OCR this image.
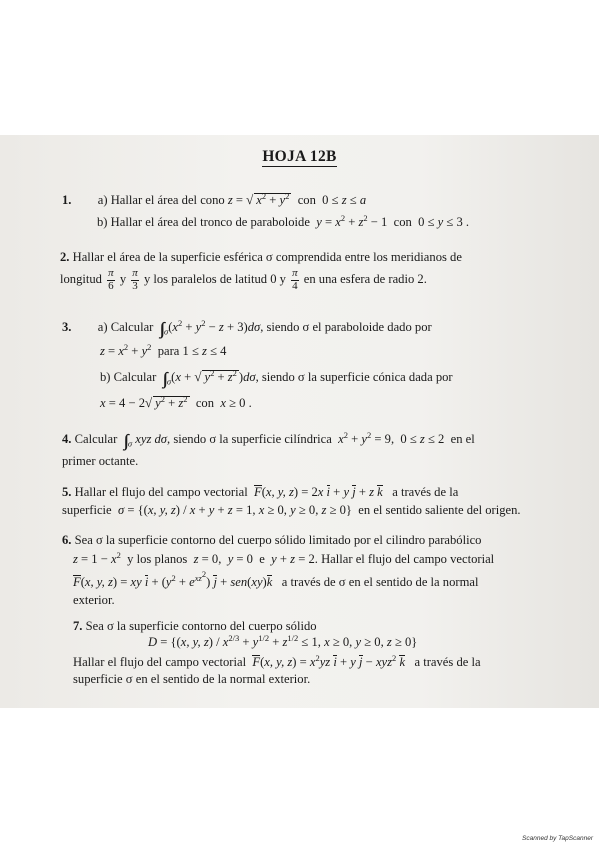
HOJA 12B
1. a) Hallar el área del cono z = √ $x^2 + y^2$ con  0 ≤ z ≤ a
b) Hallar el área del tronco de paraboloide $y = x^2 + z^2 - 1$  con  0 ≤ y ≤ 3 .
2. Hallar el área de la superficie esférica σ comprendida entre los meridianos de
longitud $\frac{\pi}{6}$ y $\frac{\pi}{3}$ y los paralelos de latitud 0 y $\frac{\pi}{4}$ en una esfera de radio 2.
3. a) Calcular ∫∫ $_\sigma(x^2 + y^2 - z + 3)d\sigma$, siendo σ el paraboloide dado por
$z = x^2 + y^2$ para 1 ≤ z ≤ 4
b) Calcular ∫∫ $_\sigma$(x + √ $y^2 + z^2$ )dσ, siendo σ la superficie cónica dada por
x = 4 − 2√ $y^2 + z^2$ con x ≥ 0 .
4. Calcular ∫∫ $_\sigma$ xyz dσ, siendo σ la superficie cilíndrica $x^2 + y^2 = 9$,  0 ≤ z ≤ 2  en el
primer octante.
5. Hallar el flujo del campo vectorial F(x, y, z) = 2x i + y j + z k a través de la
superficie σ = {(x, y, z) / x + y + z = 1, x ≥ 0, y ≥ 0, z ≥ 0}  en el sentido saliente del origen.
6. Sea σ la superficie contorno del cuerpo sólido limitado por el cilindro parabólico
$z = 1 - x^2$ y los planos z = 0,  y = 0  e  y + z = 2. Hallar el flujo del campo vectorial
F(x, y, z) = xy $i + (y^2 + e^{xz^2}) j + sen(xy)k$ a través de σ en el sentido de la normal
exterior.
7. Sea σ la superficie contorno del cuerpo sólido
D = {(x, y, $z) / x^{2/3} + y^{1/2} + z^{1/2} \le 1$, x ≥ 0, y ≥ 0, z ≥ 0}
Hallar el flujo del campo vectorial F(x, y, $z) = x^2yz$ i + y j − xyz$^2$ k a través de la
superficie σ en el sentido de la normal exterior.
Scanned by TapScanner
